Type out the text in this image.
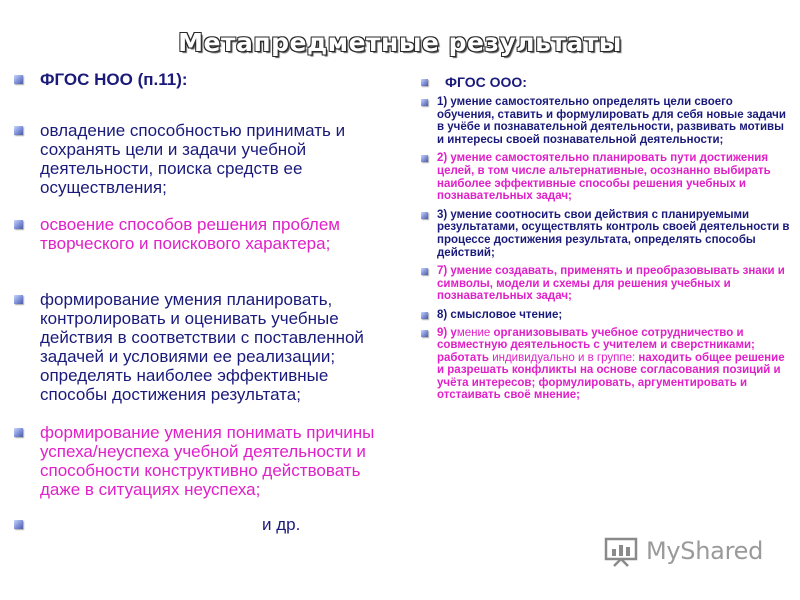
Метапредметные результаты
ФГОС НОО (п.11):
овладение способностью принимать и сохранять цели и задачи учебной деятельности, поиска средств ее осуществления;
освоение способов решения проблем творческого и поискового характера;
формирование умения планировать, контролировать и оценивать учебные действия в соответствии с поставленной задачей и условиями ее реализации; определять наиболее эффективные способы достижения результата;
формирование умения понимать причины успеха/неуспеха учебной деятельности и способности конструктивно действовать даже в ситуациях неуспеха;
и др.
ФГОС ООО:
1) умение самостоятельно определять цели своего обучения, ставить и формулировать для себя новые задачи в учёбе и познавательной деятельности, развивать мотивы и интересы своей познавательной деятельности;
2) умение самостоятельно планировать пути достижения целей, в том числе альтернативные, осознанно выбирать наиболее эффективные способы решения учебных и познавательных задач;
3) умение соотносить свои действия с планируемыми результатами, осуществлять контроль своей деятельности в процессе достижения результата, определять способы действий;
7) умение создавать, применять и преобразовывать знаки и символы, модели и схемы для решения учебных и познавательных задач;
8) смысловое чтение;
9) умение организовывать учебное сотрудничество и совместную деятельность с учителем и сверстниками; работать индивидуально и в группе: находить общее решение и разрешать конфликты на основе согласования позиций и учёта интересов; формулировать, аргументировать и отстаивать своё мнение;
MyShared
